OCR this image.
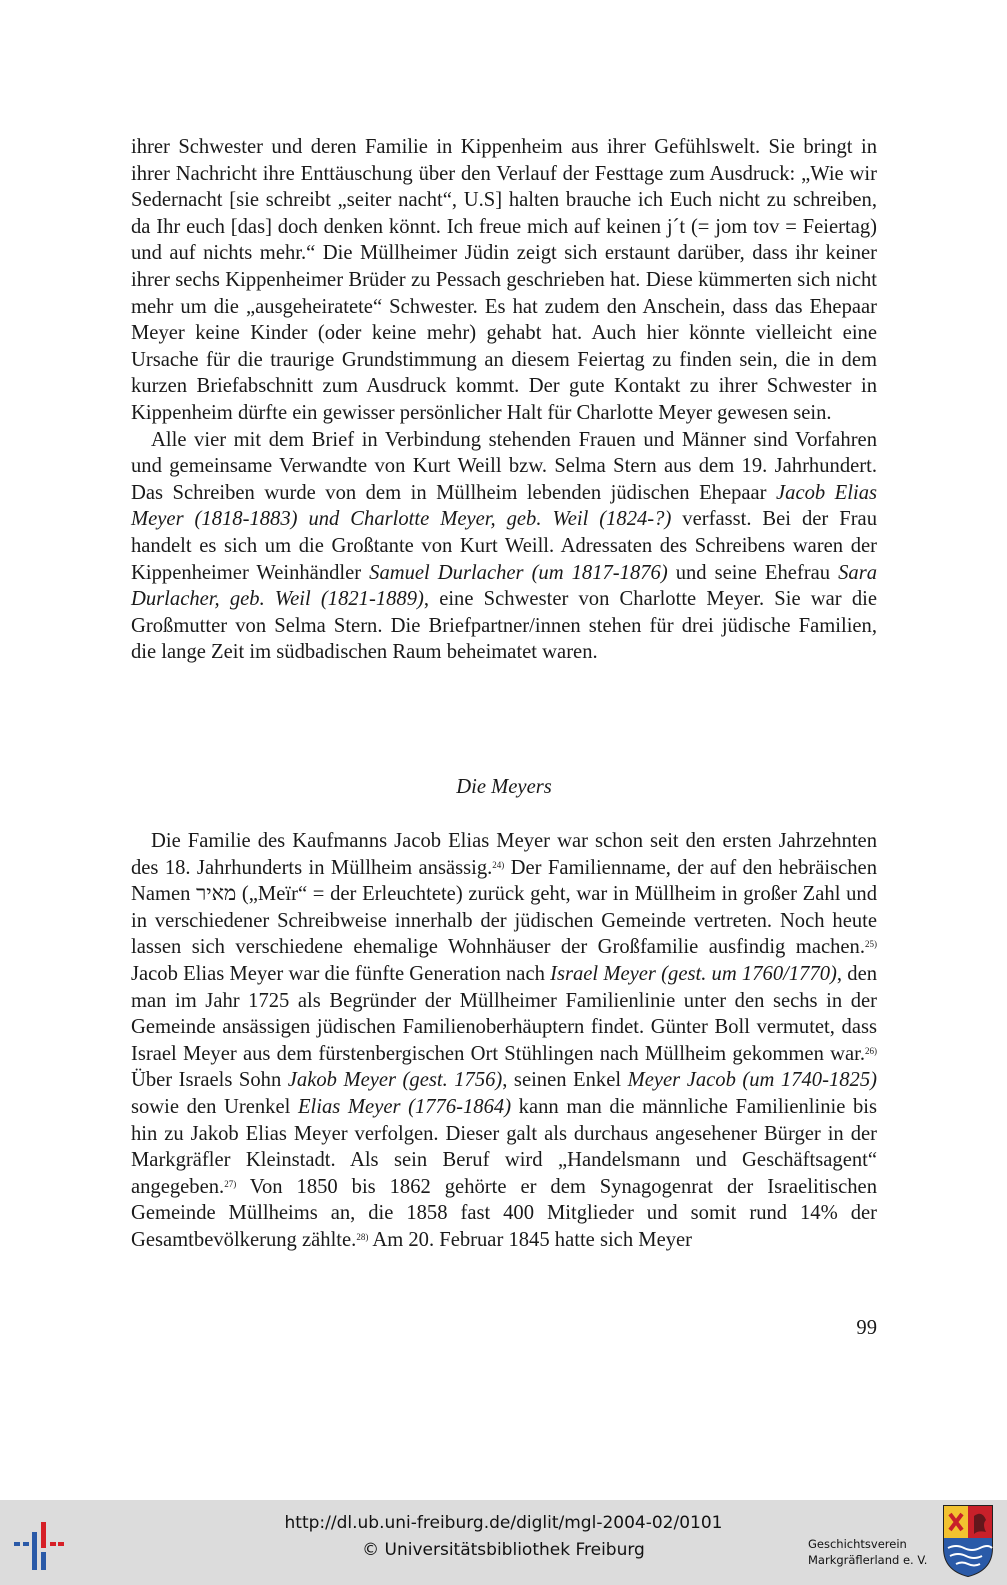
ihrer Schwester und deren Familie in Kippenheim aus ihrer Gefühlswelt. Sie bringt in ihrer Nachricht ihre Enttäuschung über den Verlauf der Festtage zum Ausdruck: „Wie wir Sedernacht [sie schreibt „seiter nacht“, U.S] halten brauche ich Euch nicht zu schreiben, da Ihr euch [das] doch denken könnt. Ich freue mich auf keinen j´t (= jom tov = Feiertag) und auf nichts mehr.“ Die Müllheimer Jüdin zeigt sich erstaunt darüber, dass ihr keiner ihrer sechs Kippenheimer Brüder zu Pessach geschrieben hat. Diese kümmerten sich nicht mehr um die „ausgeheiratete“ Schwester. Es hat zudem den Anschein, dass das Ehepaar Meyer keine Kinder (oder keine mehr) gehabt hat. Auch hier könnte vielleicht eine Ursache für die traurige Grundstimmung an diesem Feiertag zu finden sein, die in dem kurzen Briefabschnitt zum Ausdruck kommt. Der gute Kontakt zu ihrer Schwester in Kippenheim dürfte ein gewisser persönlicher Halt für Charlotte Meyer gewesen sein.

Alle vier mit dem Brief in Verbindung stehenden Frauen und Männer sind Vorfahren und gemeinsame Verwandte von Kurt Weill bzw. Selma Stern aus dem 19. Jahrhundert. Das Schreiben wurde von dem in Müllheim lebenden jüdischen Ehepaar Jacob Elias Meyer (1818-1883) und Charlotte Meyer, geb. Weil (1824-?) verfasst. Bei der Frau handelt es sich um die Großtante von Kurt Weill. Adressaten des Schreibens waren der Kippenheimer Weinhändler Samuel Durlacher (um 1817-1876) und seine Ehefrau Sara Durlacher, geb. Weil (1821-1889), eine Schwester von Charlotte Meyer. Sie war die Großmutter von Selma Stern. Die Briefpartner/innen stehen für drei jüdische Familien, die lange Zeit im südbadischen Raum beheimatet waren.

Die Meyers

Die Familie des Kaufmanns Jacob Elias Meyer war schon seit den ersten Jahrzehnten des 18. Jahrhunderts in Müllheim ansässig.$^{24)}$ Der Familienname, der auf den hebräischen Namen מאיר („Meïr“ = der Erleuchtete) zurück geht, war in Müllheim in großer Zahl und in verschiedener Schreibweise innerhalb der jüdischen Gemeinde vertreten. Noch heute lassen sich verschiedene ehemalige Wohnhäuser der Großfamilie ausfindig machen.$^{25)}$ Jacob Elias Meyer war die fünfte Generation nach Israel Meyer (gest. um 1760/1770), den man im Jahr 1725 als Begründer der Müllheimer Familienlinie unter den sechs in der Gemeinde ansässigen jüdischen Familienoberhäuptern findet. Günter Boll vermutet, dass Israel Meyer aus dem fürstenbergischen Ort Stühlingen nach Müllheim gekommen war.$^{26)}$ Über Israels Sohn Jakob Meyer (gest. 1756), seinen Enkel Meyer Jacob (um 1740-1825) sowie den Urenkel Elias Meyer (1776-1864) kann man die männliche Familienlinie bis hin zu Jakob Elias Meyer verfolgen. Dieser galt als durchaus angesehener Bürger in der Markgräfler Kleinstadt. Als sein Beruf wird „Handelsmann und Geschäftsagent“ angegeben.$^{27)}$ Von 1850 bis 1862 gehörte er dem Synagogenrat der Israelitischen Gemeinde Müllheims an, die 1858 fast 400 Mitglieder und somit rund 14% der Gesamtbevölkerung zählte.$^{28)}$ Am 20. Februar 1845 hatte sich Meyer

99

http://dl.ub.uni-freiburg.de/diglit/mgl-2004-02/0101
© Universitätsbibliothek Freiburg	Geschichtsverein
Markgräflerland e. V.
